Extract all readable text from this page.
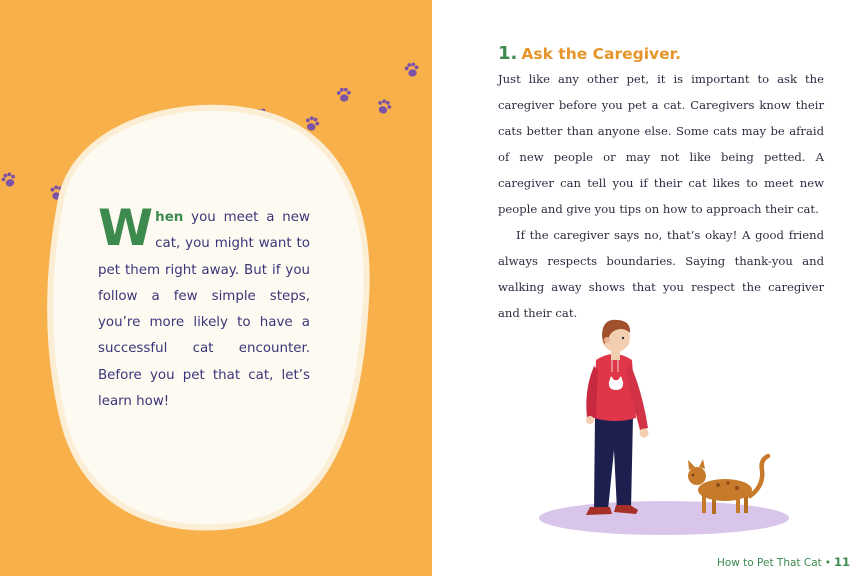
When you meet a new cat, you might want to pet them right away. But if you follow a few simple steps, you’re more likely to have a successful cat encounter. Before you pet that cat, let’s learn how!
1. Ask the Caregiver.

Just like any other pet, it is important to ask the caregiver before you pet a cat. Caregivers know their cats better than anyone else. Some cats may be afraid of new people or may not like being petted. A caregiver can tell you if their cat likes to meet new people and give you tips on how to approach their cat.

If the caregiver says no, that’s okay! A good friend always respects boundaries. Saying thank-you and walking away shows that you respect the caregiver and their cat.

How to Pet That Cat • 11
